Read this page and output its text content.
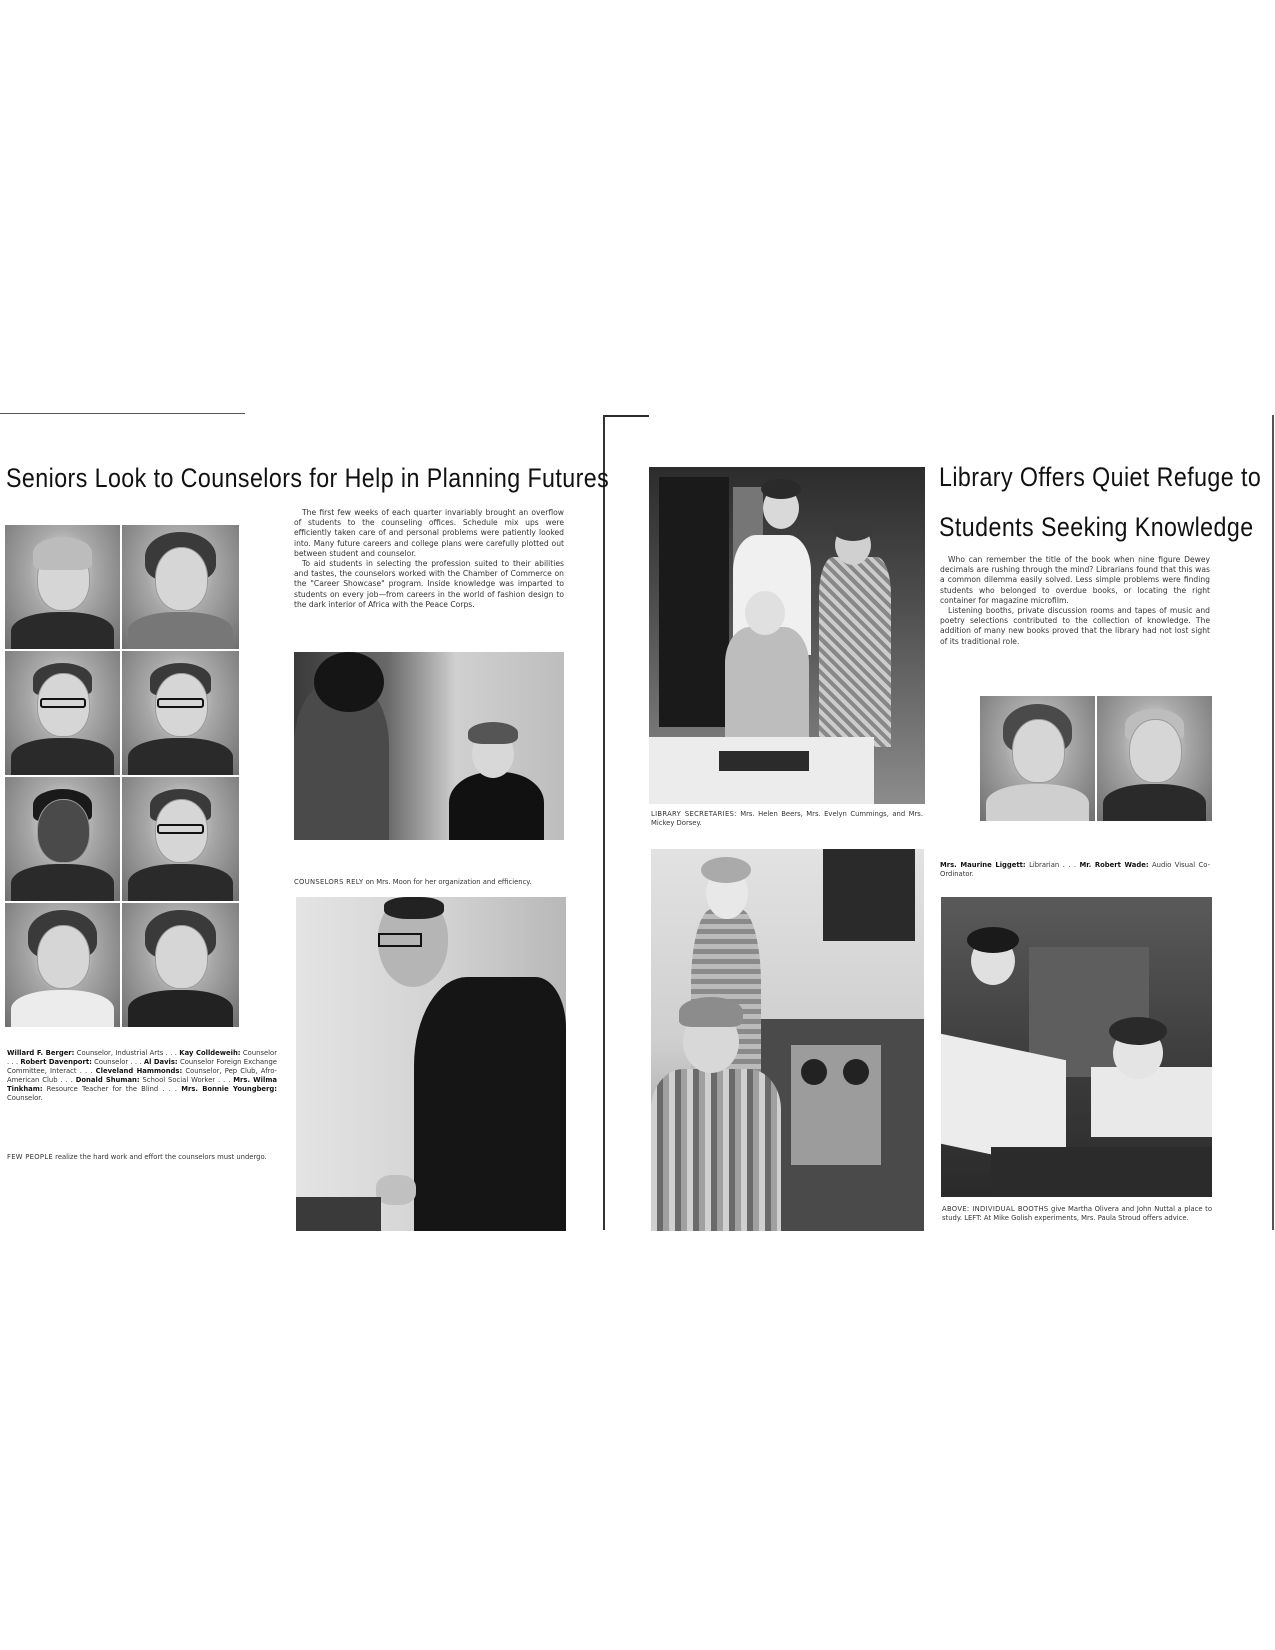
Seniors Look to Counselors for Help in Planning Futures

The first few weeks of each quarter invariably brought an overflow of students to the counseling offices. Schedule mix ups were efficiently taken care of and personal problems were patiently looked into. Many future careers and college plans were carefully plotted out between student and counselor.

To aid students in selecting the profession suited to their abilities and tastes, the counselors worked with the Chamber of Commerce on the "Career Showcase" program. Inside knowledge was imparted to students on every job—from careers in the world of fashion design to the dark interior of Africa with the Peace Corps.

COUNSELORS RELY on Mrs. Moon for her organization and efficiency.
Willard F. Berger: Counselor, Industrial Arts . . . Kay Colldeweih: Counselor . . . Robert Davenport: Counselor . . . Al Davis: Counselor Foreign Exchange Committee, Interact . . . Cleveland Hammonds: Counselor, Pep Club, Afro-American Club . . . Donald Shuman: School Social Worker . . . Mrs. Wilma Tinkham: Resource Teacher for the Blind . . . Mrs. Bonnie Youngberg: Counselor.
FEW PEOPLE realize the hard work and effort the counselors must undergo.
Library Offers Quiet Refuge to
Students Seeking Knowledge

Who can remember the title of the book when nine figure Dewey decimals are rushing through the mind? Librarians found that this was a common dilemma easily solved. Less simple problems were finding students who belonged to overdue books, or locating the right container for magazine microfilm.

Listening booths, private discussion rooms and tapes of music and poetry selections contributed to the collection of knowledge. The addition of many new books proved that the library had not lost sight of its traditional role.

LIBRARY SECRETARIES: Mrs. Helen Beers, Mrs. Evelyn Cummings, and Mrs. Mickey Dorsey.
Mrs. Maurine Liggett: Librarian . . . Mr. Robert Wade: Audio Visual Co-Ordinator.
ABOVE: INDIVIDUAL BOOTHS give Martha Olivera and John Nuttal a place to study. LEFT: At Mike Golish experiments, Mrs. Paula Stroud offers advice.
